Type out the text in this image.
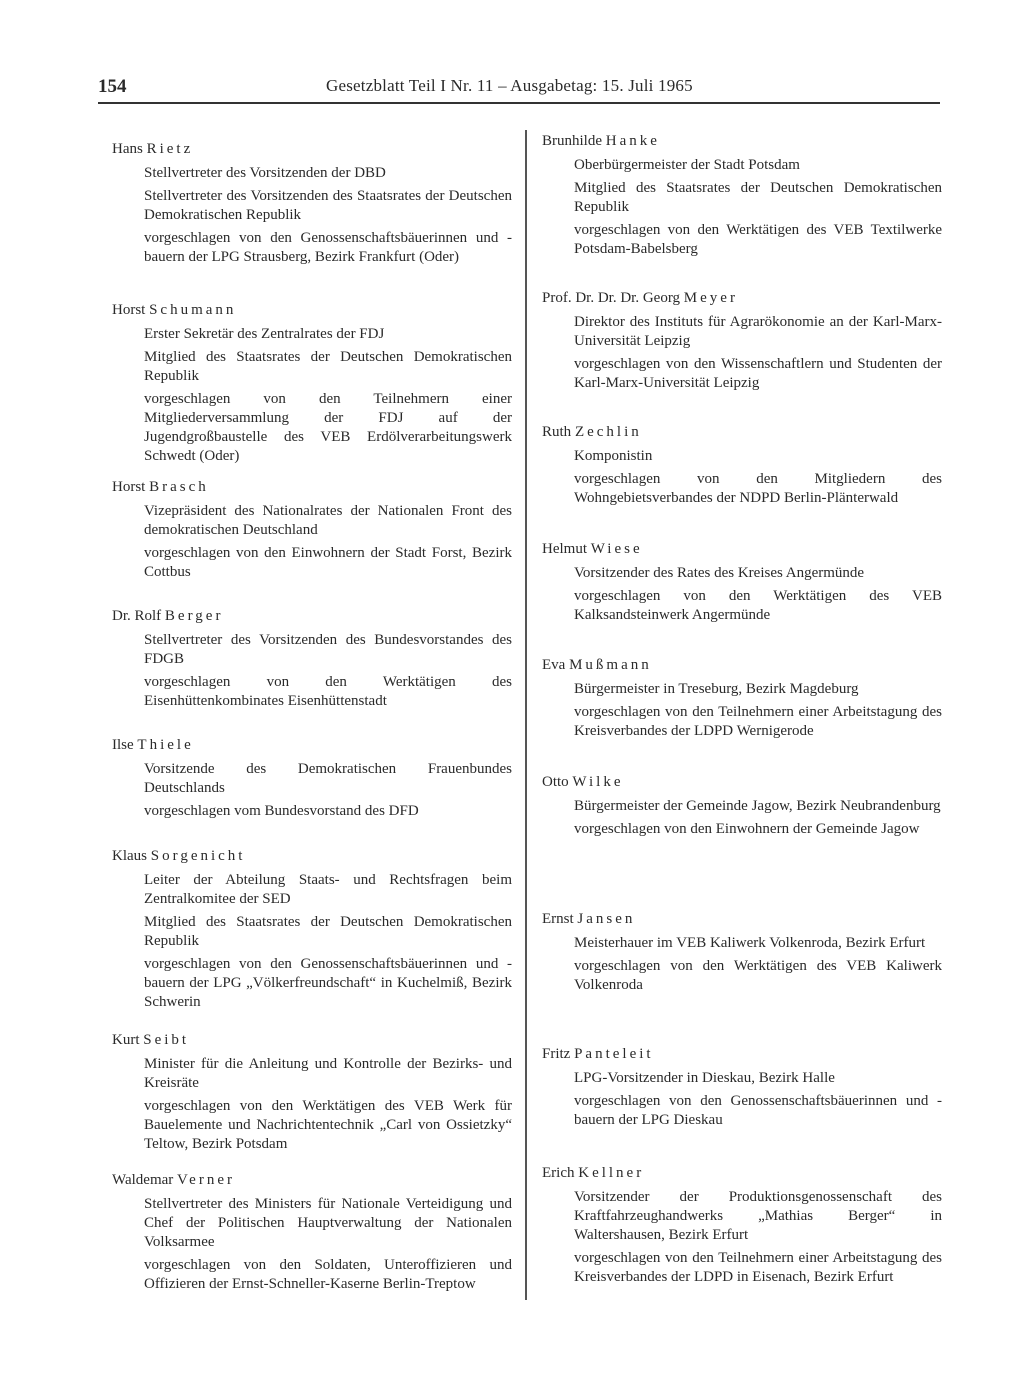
154	Gesetzblatt Teil I Nr. 11 – Ausgabetag: 15. Juli 1965

Hans Rietz

Stellvertreter des Vorsitzenden der DBD

Stellvertreter des Vorsitzenden des Staatsrates der Deutschen Demokratischen Republik

vorgeschlagen von den Genossenschaftsbäuerinnen und -bauern der LPG Strausberg, Bezirk Frankfurt (Oder)

Horst Schumann

Erster Sekretär des Zentralrates der FDJ

Mitglied des Staatsrates der Deutschen Demokratischen Republik

vorgeschlagen von den Teilnehmern einer Mitgliederversammlung der FDJ auf der Jugendgroßbaustelle des VEB Erdölverarbeitungswerk Schwedt (Oder)

Horst Brasch

Vizepräsident des Nationalrates der Nationalen Front des demokratischen Deutschland

vorgeschlagen von den Einwohnern der Stadt Forst, Bezirk Cottbus

Dr. Rolf Berger

Stellvertreter des Vorsitzenden des Bundesvorstandes des FDGB

vorgeschlagen von den Werktätigen des Eisenhüttenkombinates Eisenhüttenstadt

Ilse Thiele

Vorsitzende des Demokratischen Frauenbundes Deutschlands

vorgeschlagen vom Bundesvorstand des DFD

Klaus Sorgenicht

Leiter der Abteilung Staats- und Rechtsfragen beim Zentralkomitee der SED

Mitglied des Staatsrates der Deutschen Demokratischen Republik

vorgeschlagen von den Genossenschaftsbäuerinnen und -bauern der LPG „Völkerfreundschaft“ in Kuchelmiß, Bezirk Schwerin

Kurt Seibt

Minister für die Anleitung und Kontrolle der Bezirks- und Kreisräte

vorgeschlagen von den Werktätigen des VEB Werk für Bauelemente und Nachrichtentechnik „Carl von Ossietzky“ Teltow, Bezirk Potsdam

Waldemar Verner

Stellvertreter des Ministers für Nationale Verteidigung und Chef der Politischen Hauptverwaltung der Nationalen Volksarmee

vorgeschlagen von den Soldaten, Unteroffizieren und Offizieren der Ernst-Schneller-Kaserne Berlin-Treptow

Brunhilde Hanke

Oberbürgermeister der Stadt Potsdam

Mitglied des Staatsrates der Deutschen Demokratischen Republik

vorgeschlagen von den Werktätigen des VEB Textilwerke Potsdam-Babelsberg

Prof. Dr. Dr. Dr. Georg Meyer

Direktor des Instituts für Agrarökonomie an der Karl-Marx-Universität Leipzig

vorgeschlagen von den Wissenschaftlern und Studenten der Karl-Marx-Universität Leipzig

Ruth Zechlin

Komponistin

vorgeschlagen von den Mitgliedern des Wohngebietsverbandes der NDPD Berlin-Plänterwald

Helmut Wiese

Vorsitzender des Rates des Kreises Angermünde

vorgeschlagen von den Werktätigen des VEB Kalksandsteinwerk Angermünde

Eva Mußmann

Bürgermeister in Treseburg, Bezirk Magdeburg

vorgeschlagen von den Teilnehmern einer Arbeitstagung des Kreisverbandes der LDPD Wernigerode

Otto Wilke

Bürgermeister der Gemeinde Jagow, Bezirk Neubrandenburg

vorgeschlagen von den Einwohnern der Gemeinde Jagow

Ernst Jansen

Meisterhauer im VEB Kaliwerk Volkenroda, Bezirk Erfurt

vorgeschlagen von den Werktätigen des VEB Kaliwerk Volkenroda

Fritz Panteleit

LPG-Vorsitzender in Dieskau, Bezirk Halle

vorgeschlagen von den Genossenschaftsbäuerinnen und -bauern der LPG Dieskau

Erich Kellner

Vorsitzender der Produktionsgenossenschaft des Kraftfahrzeughandwerks „Mathias Berger“ in Waltershausen, Bezirk Erfurt

vorgeschlagen von den Teilnehmern einer Arbeitstagung des Kreisverbandes der LDPD in Eisenach, Bezirk Erfurt
